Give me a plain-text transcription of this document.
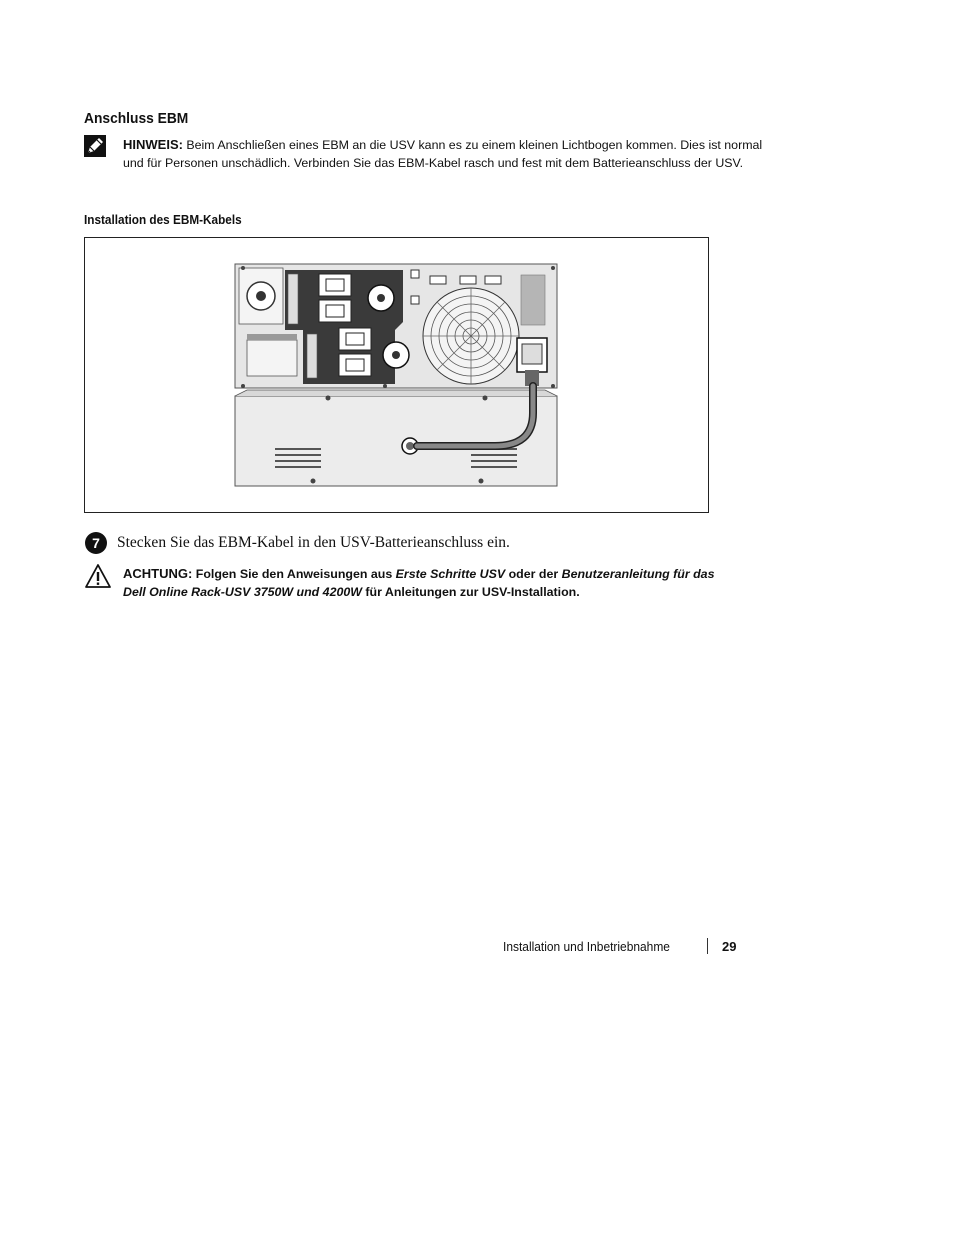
Anschluss EBM
HINWEIS: Beim Anschließen eines EBM an die USV kann es zu einem kleinen Lichtbogen kommen. Dies ist normal und für Personen unschädlich. Verbinden Sie das EBM-Kabel rasch und fest mit dem Batterieanschluss der USV.
Installation des EBM-Kabels
7	Stecken Sie das EBM-Kabel in den USV-Batterieanschluss ein.
ACHTUNG: Folgen Sie den Anweisungen aus Erste Schritte USV oder der Benutzeranleitung für das Dell Online Rack-USV 3750W und 4200W für Anleitungen zur USV-Installation.
Installation und Inbetriebnahme	29
